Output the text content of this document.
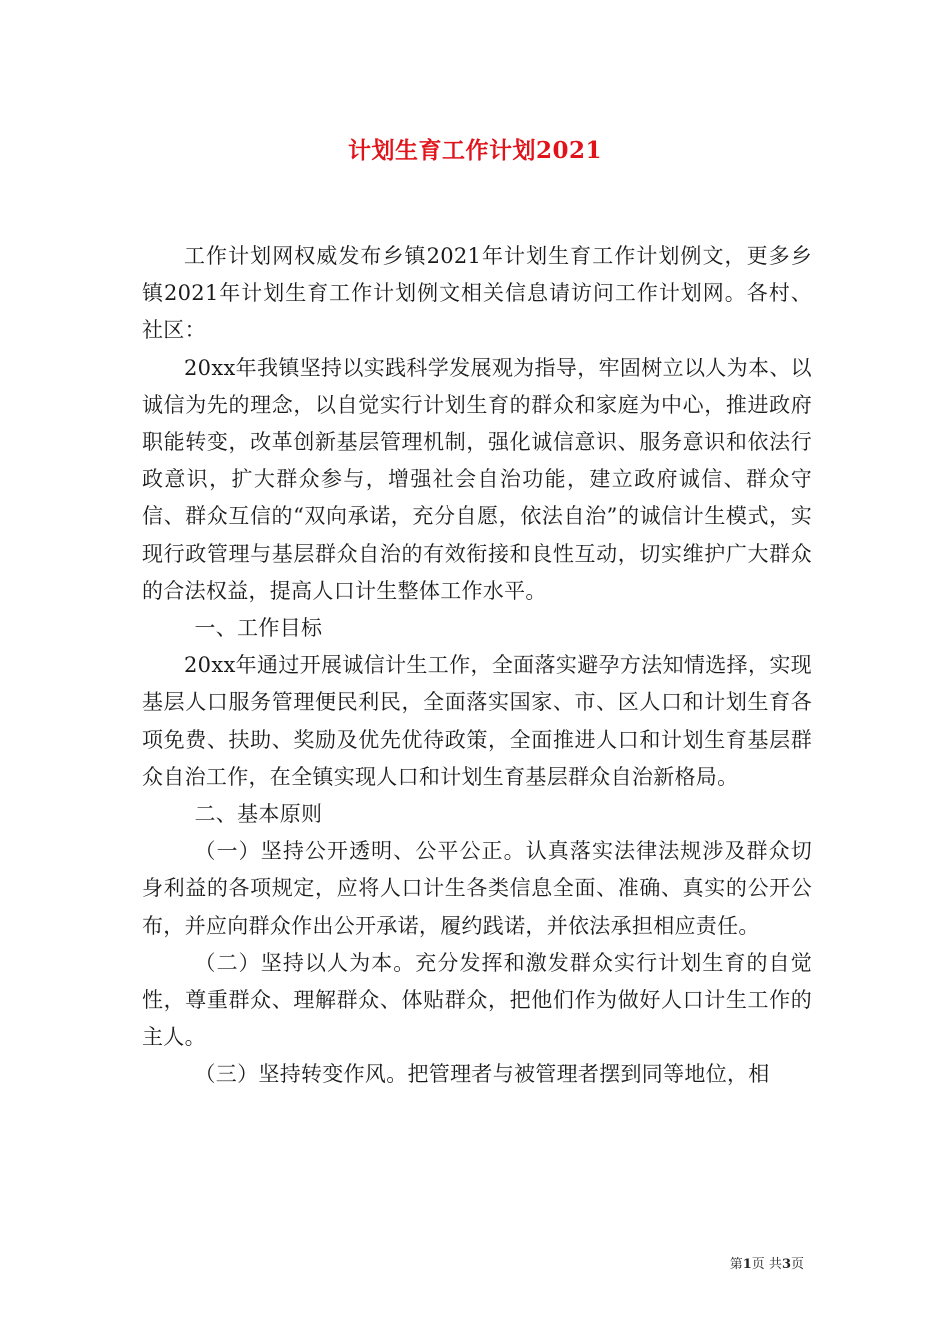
计划生育工作计划2021

工作计划网权威发布乡镇2021年计划生育工作计划例文，更多乡镇2021年计划生育工作计划例文相关信息请访问工作计划网。各村、社区：

20xx年我镇坚持以实践科学发展观为指导，牢固树立以人为本、以诚信为先的理念，以自觉实行计划生育的群众和家庭为中心，推进政府职能转变，改革创新基层管理机制，强化诚信意识、服务意识和依法行政意识，扩大群众参与，增强社会自治功能，建立政府诚信、群众守信、群众互信的“双向承诺，充分自愿，依法自治”的诚信计生模式，实现行政管理与基层群众自治的有效衔接和良性互动，切实维护广大群众的合法权益，提高人口计生整体工作水平。

一、工作目标

20xx年通过开展诚信计生工作，全面落实避孕方法知情选择，实现基层人口服务管理便民利民，全面落实国家、市、区人口和计划生育各项免费、扶助、奖励及优先优待政策，全面推进人口和计划生育基层群众自治工作，在全镇实现人口和计划生育基层群众自治新格局。

二、基本原则

（一）坚持公开透明、公平公正。认真落实法律法规涉及群众切身利益的各项规定，应将人口计生各类信息全面、准确、真实的公开公布，并应向群众作出公开承诺，履约践诺，并依法承担相应责任。

（二）坚持以人为本。充分发挥和激发群众实行计划生育的自觉性，尊重群众、理解群众、体贴群众，把他们作为做好人口计生工作的主人。

（三）坚持转变作风。把管理者与被管理者摆到同等地位，相

第1页 共3页
